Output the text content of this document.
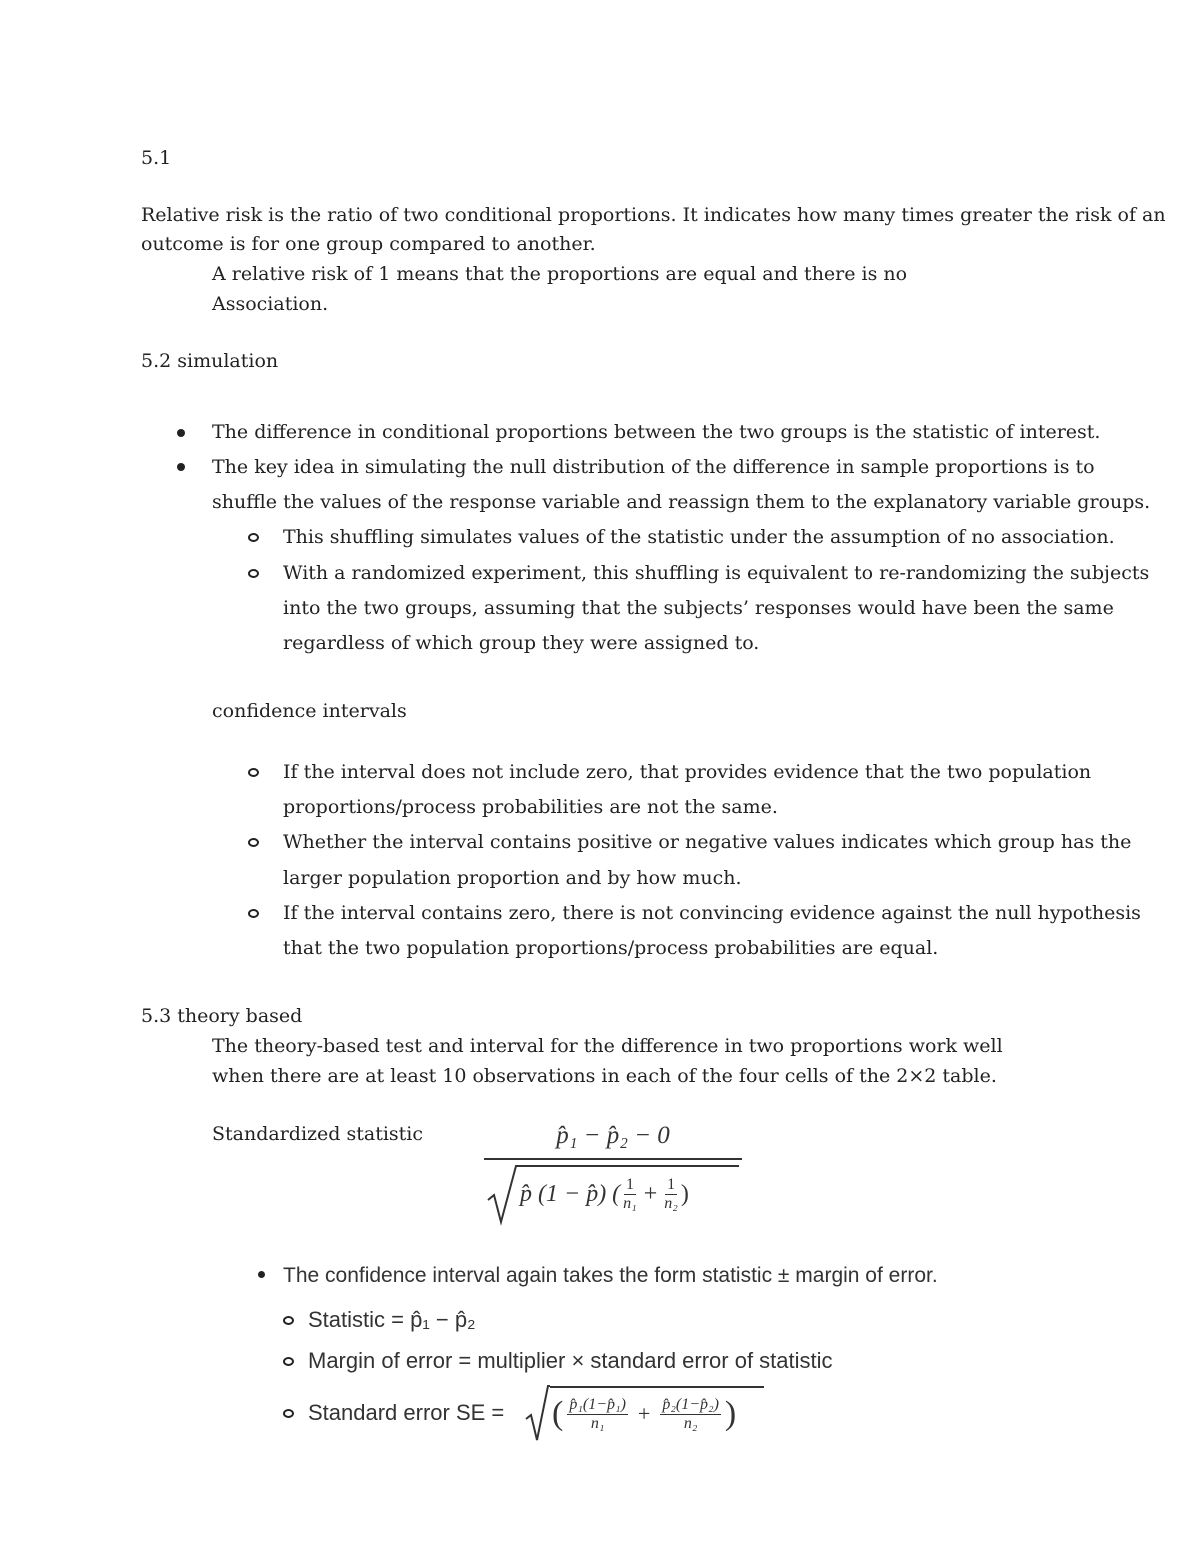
5.1
Relative risk is the ratio of two conditional proportions. It indicates how many times greater the risk of an
outcome is for one group compared to another.
A relative risk of 1 means that the proportions are equal and there is no
Association.
5.2 simulation
The difference in conditional proportions between the two groups is the statistic of interest.
The key idea in simulating the null distribution of the difference in sample proportions is to
shuffle the values of the response variable and reassign them to the explanatory variable groups.
This shuffling simulates values of the statistic under the assumption of no association.
With a randomized experiment, this shuffling is equivalent to re-randomizing the subjects
into the two groups, assuming that the subjects’ responses would have been the same
regardless of which group they were assigned to.
confidence intervals
If the interval does not include zero, that provides evidence that the two population
proportions/process probabilities are not the same.
Whether the interval contains positive or negative values indicates which group has the
larger population proportion and by how much.
If the interval contains zero, there is not convincing evidence against the null hypothesis
that the two population proportions/process probabilities are equal.
5.3 theory based
The theory-based test and interval for the difference in two proportions work well
when there are at least 10 observations in each of the four cells of the 2×2 table.
Standardized statistic	p̂₁ − p̂₂ − 0
p̂ (1 − p̂) ( $\frac{1}{\text{n₁}} + \frac{1}{\text{n₂}}$ )
The confidence interval again takes the form statistic ± margin of error.
Statistic = p̂₁ − p̂₂
Margin of error = multiplier × standard error of statistic
Standard error SE = ( $\frac{\text{p̂₁(1−p̂₁)}}{\text{n₁}} + \frac{\text{p̂₂(1−p̂₂)}}{\text{n₂}}$ )
